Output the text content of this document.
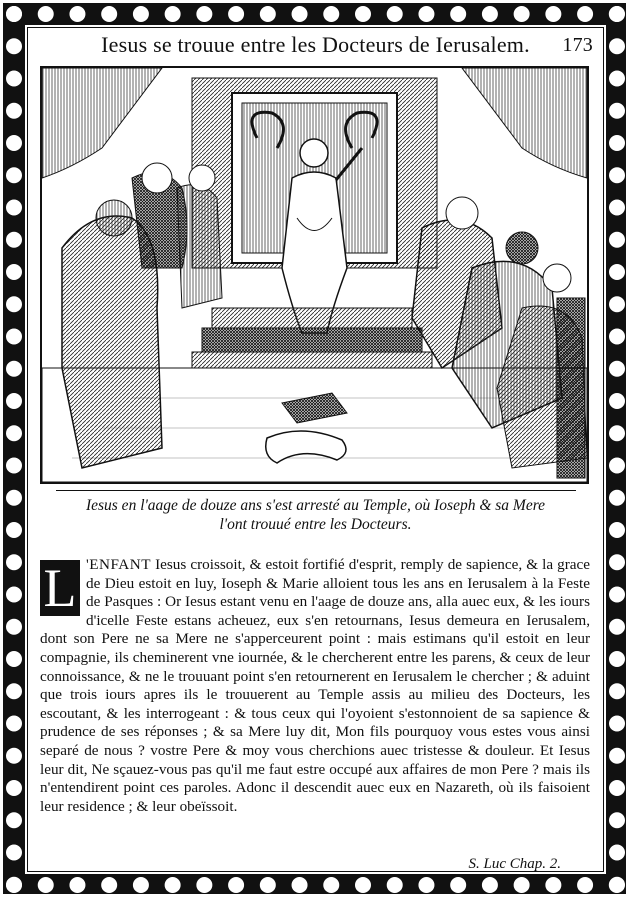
Iesus se trouue entre les Docteurs de Ierusalem. 173
Iesus en l'aage de douze ans s'est arresté au Temple, où Ioseph & sa Mere
l'ont trouué entre les Docteurs.
L 'ENFANT Iesus croissoit, & estoit fortifié d'esprit, remply de sapience, & la grace de Dieu estoit en luy, Ioseph & Marie alloient tous les ans en Ierusalem à la Feste de Pasques : Or Iesus estant venu en l'aage de douze ans, alla auec eux, & les iours d'icelle Feste estans acheuez, eux s'en retournans, Iesus demeura en Ierusalem, dont son Pere ne sa Mere ne s'apperceurent point : mais estimans qu'il estoit en leur compagnie, ils cheminerent vne iournée, & le chercherent entre les parens, & ceux de leur connoissance, & ne le trouuant point s'en retournerent en Ierusalem le chercher ; & aduint que trois iours apres ils le trouuerent au Temple assis au milieu des Docteurs, les escoutant, & les interrogeant : & tous ceux qui l'oyoient s'estonnoient de sa sapience & prudence de ses réponses ; & sa Mere luy dit, Mon fils pourquoy vous estes vous ainsi separé de nous ? vostre Pere & moy vous cherchions auec tristesse & douleur. Et Iesus leur dit, Ne sçauez-vous pas qu'il me faut estre occupé aux affaires de mon Pere ? mais ils n'entendirent point ces paroles. Adonc il descendit auec eux en Nazareth, où ils faisoient leur residence ; & leur obeïssoit.
S. Luc Chap. 2.
